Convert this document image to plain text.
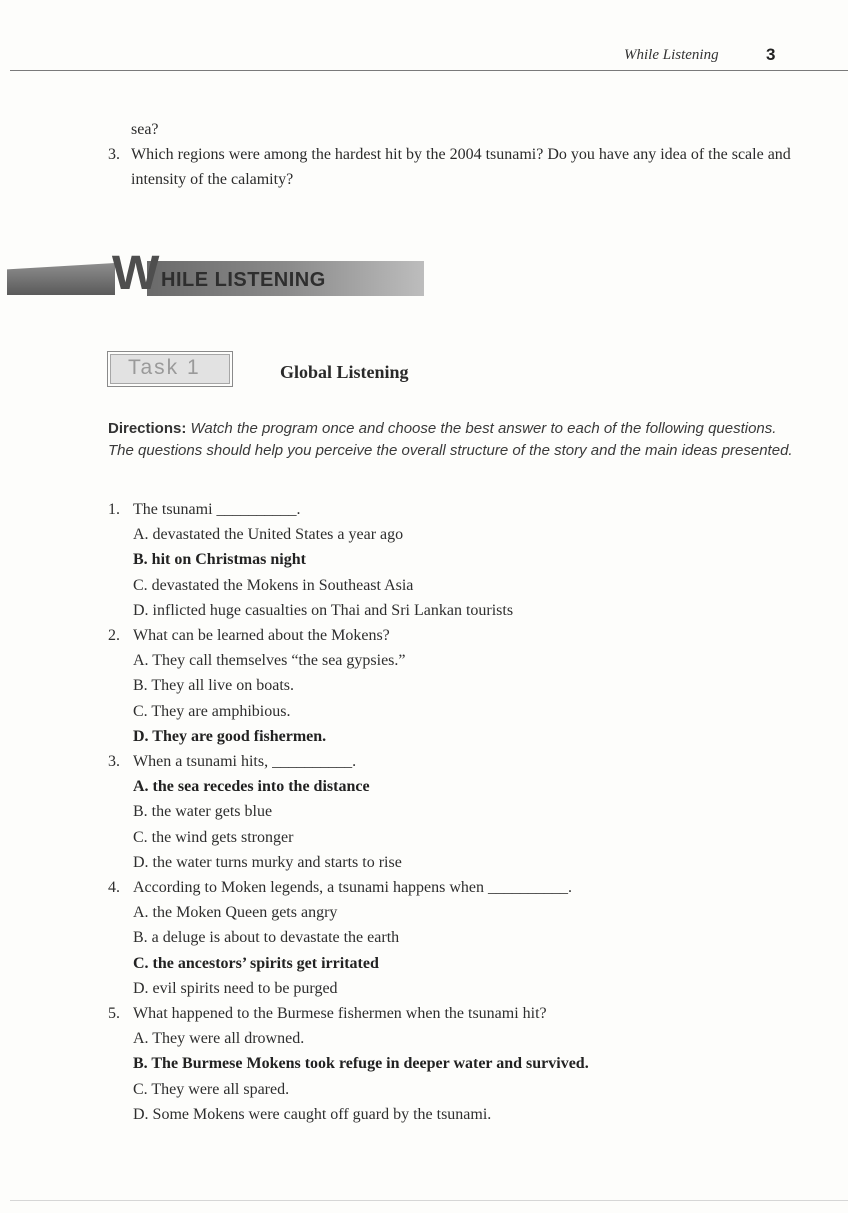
While Listening	3
sea?
3. Which regions were among the hardest hit by the 2004 tsunami? Do you have any idea of the scale and intensity of the calamity?
W HILE LISTENING
Task 1	Global Listening
Directions: Watch the program once and choose the best answer to each of the following questions. The questions should help you perceive the overall structure of the story and the main ideas presented.
1. The tsunami __________.
A. devastated the United States a year ago
B. hit on Christmas night
C. devastated the Mokens in Southeast Asia
D. inflicted huge casualties on Thai and Sri Lankan tourists
2. What can be learned about the Mokens?
A. They call themselves “the sea gypsies.”
B. They all live on boats.
C. They are amphibious.
D. They are good fishermen.
3. When a tsunami hits, __________.
A. the sea recedes into the distance
B. the water gets blue
C. the wind gets stronger
D. the water turns murky and starts to rise
4. According to Moken legends, a tsunami happens when __________.
A. the Moken Queen gets angry
B. a deluge is about to devastate the earth
C. the ancestors’ spirits get irritated
D. evil spirits need to be purged
5. What happened to the Burmese fishermen when the tsunami hit?
A. They were all drowned.
B. The Burmese Mokens took refuge in deeper water and survived.
C. They were all spared.
D. Some Mokens were caught off guard by the tsunami.
